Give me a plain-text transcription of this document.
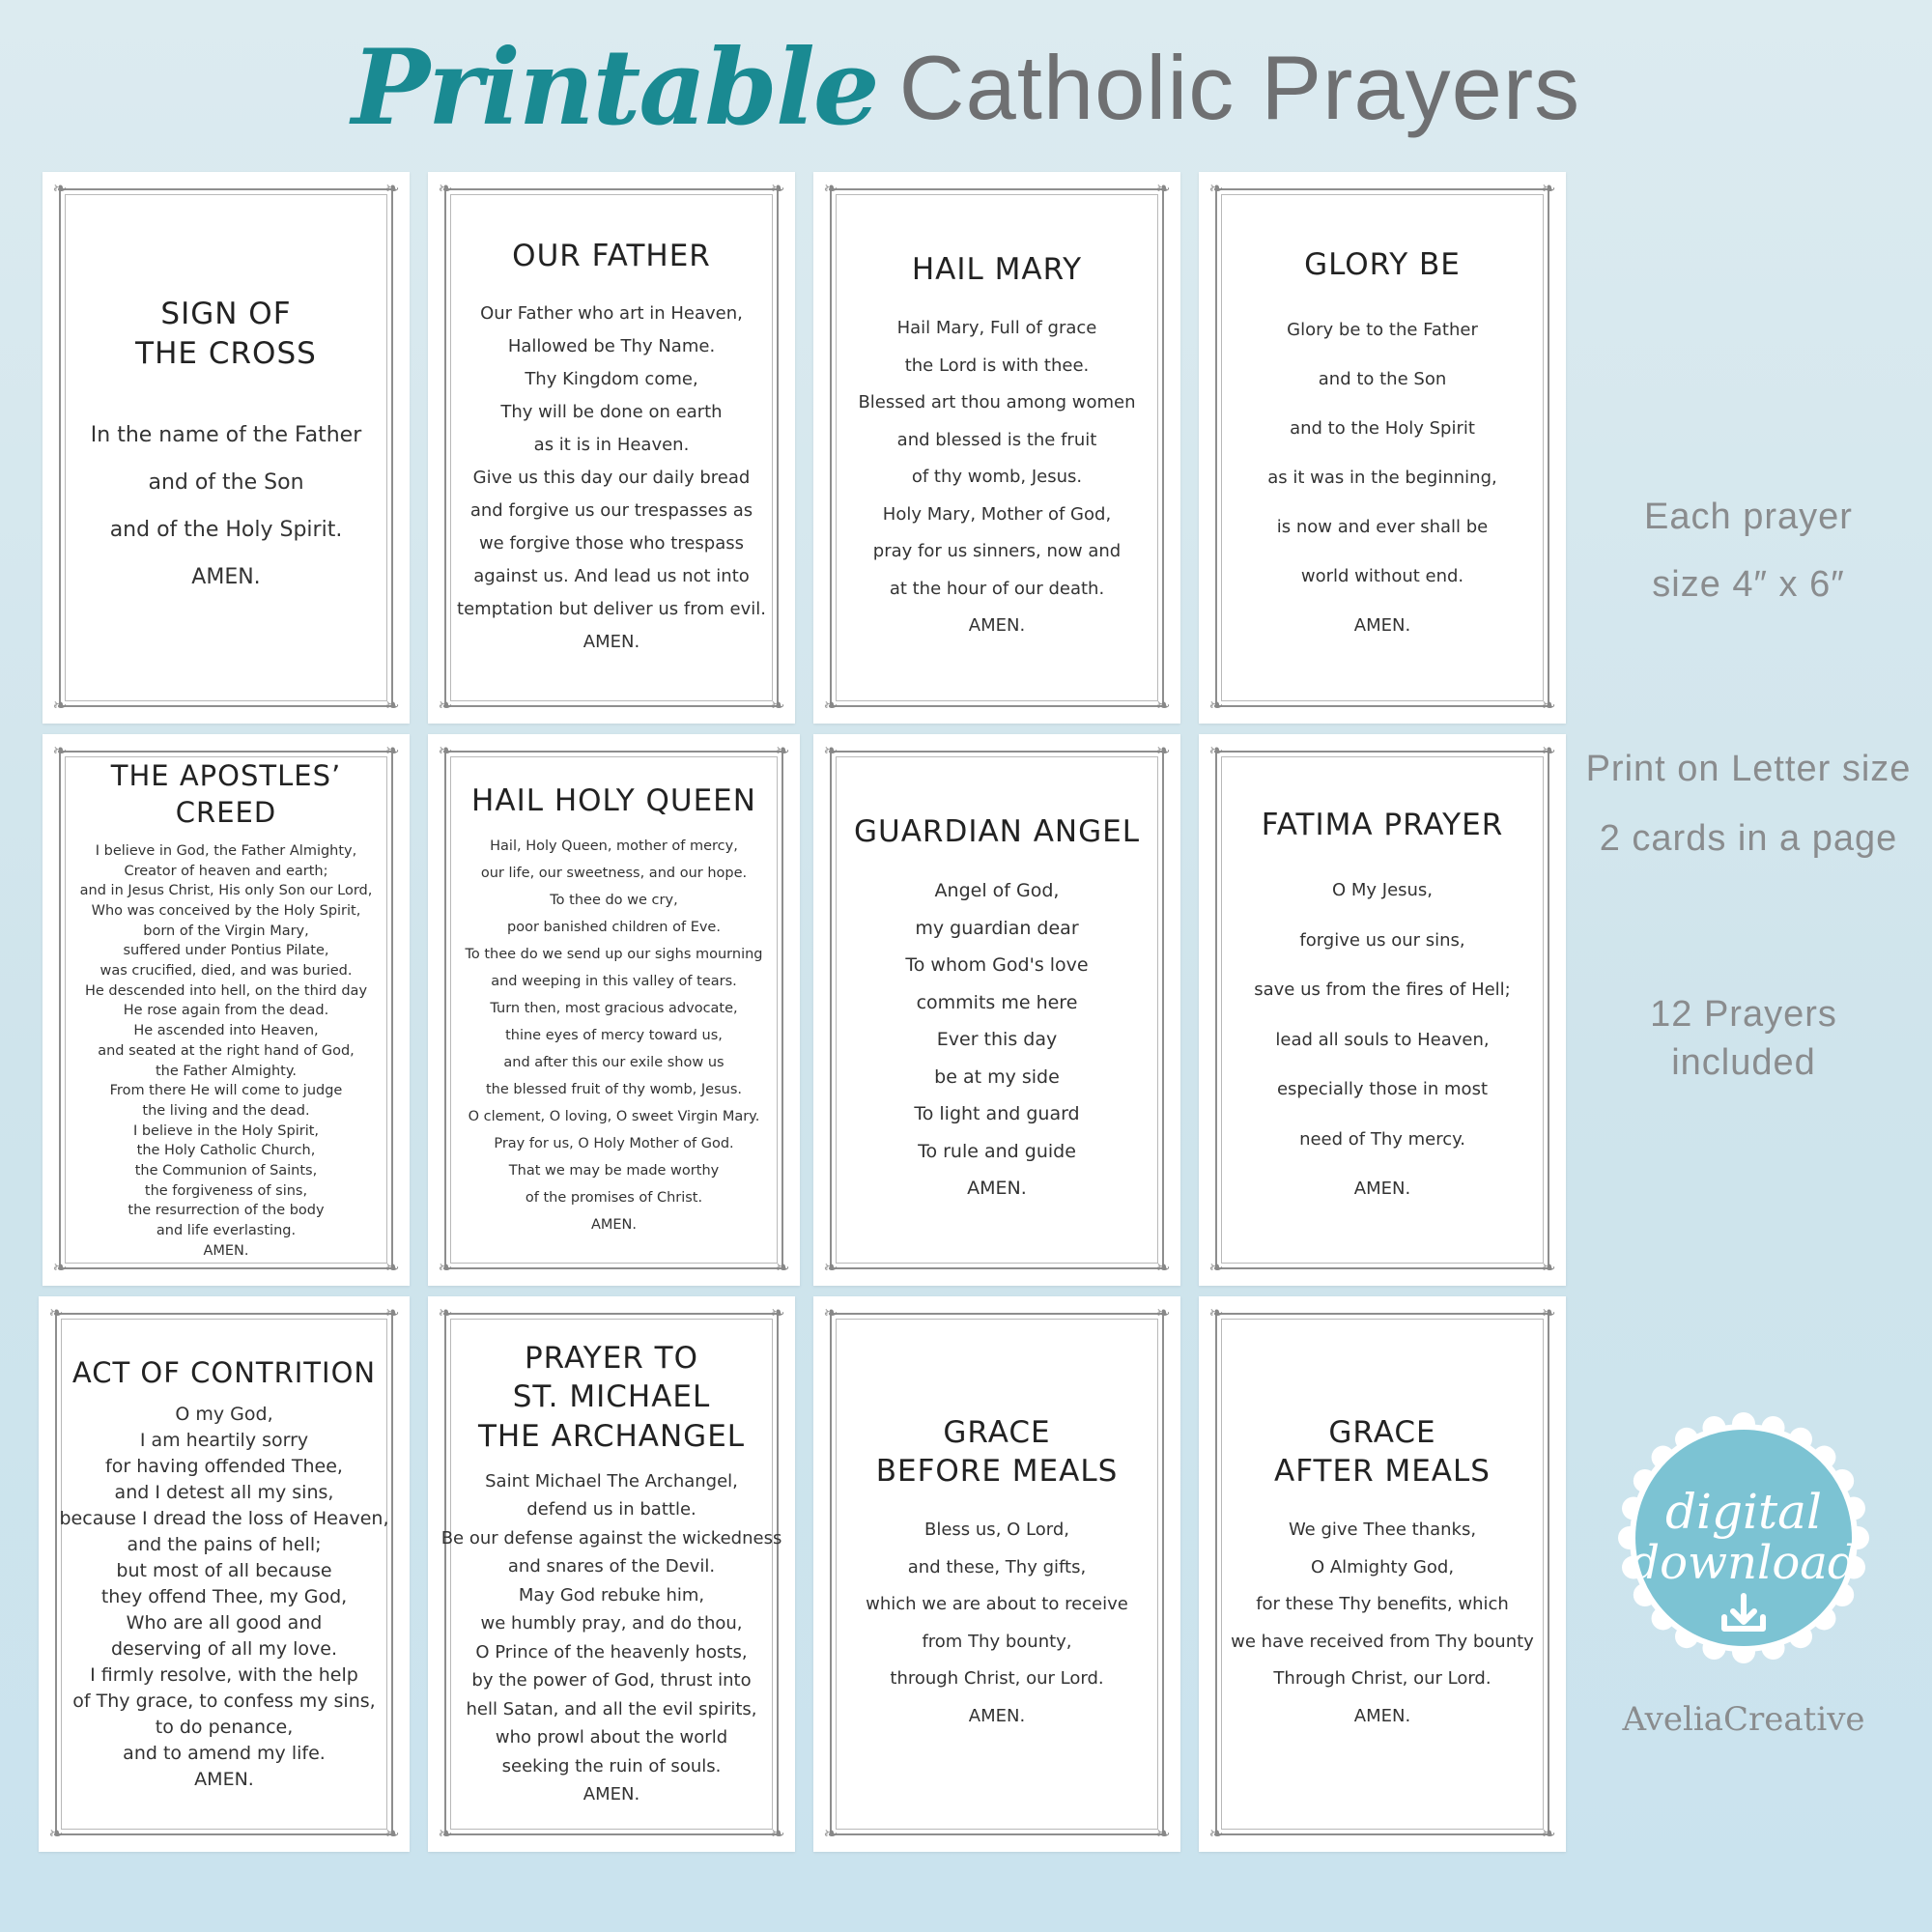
Printable Catholic Prayers
❧	❧
❧	❧
SIGN OF
THE CROSS
In the name of the Father
and of the Son
and of the Holy Spirit.
AMEN.
❧	❧
❧	❧
OUR FATHER
Our Father who art in Heaven,
Hallowed be Thy Name.
Thy Kingdom come,
Thy will be done on earth
as it is in Heaven.
Give us this day our daily bread
and forgive us our trespasses as
we forgive those who trespass
against us. And lead us not into
temptation but deliver us from evil.
AMEN.
❧	❧
❧	❧
HAIL MARY
Hail Mary, Full of grace
the Lord is with thee.
Blessed art thou among women
and blessed is the fruit
of thy womb, Jesus.
Holy Mary, Mother of God,
pray for us sinners, now and
at the hour of our death.
AMEN.
❧	❧
❧	❧
GLORY BE
Glory be to the Father
and to the Son
and to the Holy Spirit
as it was in the beginning,
is now and ever shall be
world without end.
AMEN.
❧	❧
❧	❧
THE APOSTLES’ CREED
I believe in God, the Father Almighty,
Creator of heaven and earth;
and in Jesus Christ, His only Son our Lord,
Who was conceived by the Holy Spirit,
born of the Virgin Mary,
suffered under Pontius Pilate,
was crucified, died, and was buried.
He descended into hell, on the third day
He rose again from the dead.
He ascended into Heaven,
and seated at the right hand of God,
the Father Almighty.
From there He will come to judge
the living and the dead.
I believe in the Holy Spirit,
the Holy Catholic Church,
the Communion of Saints,
the forgiveness of sins,
the resurrection of the body
and life everlasting.
AMEN.
❧	❧
❧	❧
HAIL HOLY QUEEN
Hail, Holy Queen, mother of mercy,
our life, our sweetness, and our hope.
To thee do we cry,
poor banished children of Eve.
To thee do we send up our sighs mourning
and weeping in this valley of tears.
Turn then, most gracious advocate,
thine eyes of mercy toward us,
and after this our exile show us
the blessed fruit of thy womb, Jesus.
O clement, O loving, O sweet Virgin Mary.
Pray for us, O Holy Mother of God.
That we may be made worthy
of the promises of Christ.
AMEN.
❧	❧
❧	❧
GUARDIAN ANGEL
Angel of God,
my guardian dear
To whom God's love
commits me here
Ever this day
be at my side
To light and guard
To rule and guide
AMEN.
❧	❧
❧	❧
FATIMA PRAYER
O My Jesus,
forgive us our sins,
save us from the fires of Hell;
lead all souls to Heaven,
especially those in most
need of Thy mercy.
AMEN.
❧	❧
❧	❧
ACT OF CONTRITION
O my God,
I am heartily sorry
for having offended Thee,
and I detest all my sins,
because I dread the loss of Heaven,
and the pains of hell;
but most of all because
they offend Thee, my God,
Who are all good and
deserving of all my love.
I firmly resolve, with the help
of Thy grace, to confess my sins,
to do penance,
and to amend my life.
AMEN.
❧	❧
❧	❧
PRAYER TO
ST. MICHAEL
THE ARCHANGEL
Saint Michael The Archangel,
defend us in battle.
Be our defense against the wickedness
and snares of the Devil.
May God rebuke him,
we humbly pray, and do thou,
O Prince of the heavenly hosts,
by the power of God, thrust into
hell Satan, and all the evil spirits,
who prowl about the world
seeking the ruin of souls.
AMEN.
❧	❧
❧	❧
GRACE
BEFORE MEALS
Bless us, O Lord,
and these, Thy gifts,
which we are about to receive
from Thy bounty,
through Christ, our Lord.
AMEN.
❧	❧
❧	❧
GRACE
AFTER MEALS
We give Thee thanks,
O Almighty God,
for these Thy benefits, which
we have received from Thy bounty
Through Christ, our Lord.
AMEN.
Each prayer
size 4″ x 6″
Print on Letter size
2 cards in a page
12 Prayers
included
digital
download
AveliaCreative
